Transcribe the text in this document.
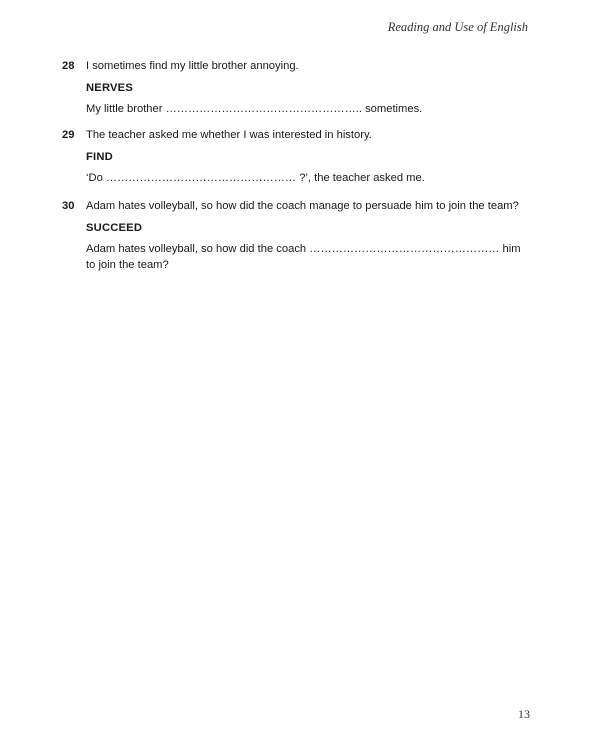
Reading and Use of English
28	I sometimes find my little brother annoying.
NERVES
My little brother …………………………………………….. sometimes.
29	The teacher asked me whether I was interested in history.
FIND
‘Do …………………………………………… ?’, the teacher asked me.
30	Adam hates volleyball, so how did the coach manage to persuade him to join the team?
SUCCEED
Adam hates volleyball, so how did the coach …………………………………………… him to join the team?
13
